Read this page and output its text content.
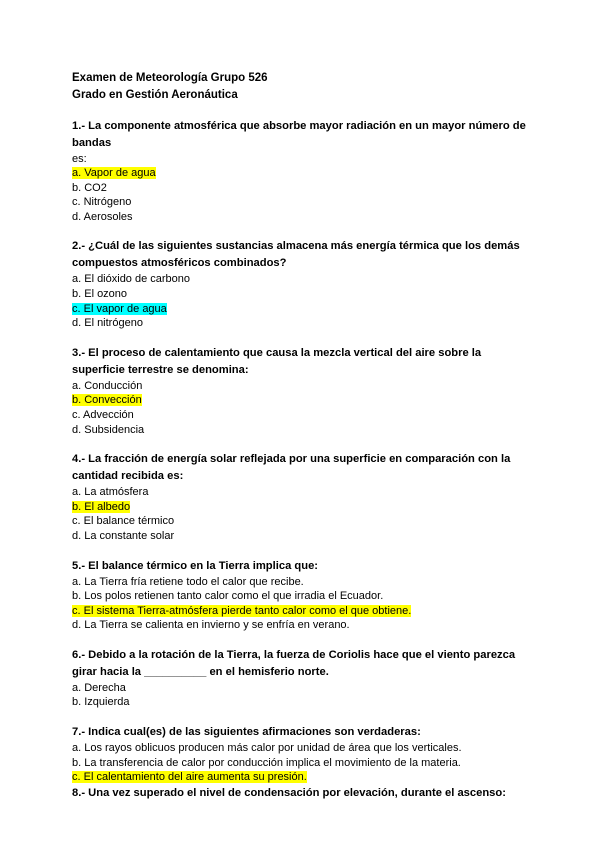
Examen de Meteorología Grupo 526
Grado en Gestión Aeronáutica
1.- La componente atmosférica que absorbe mayor radiación en un mayor número de bandas
es:
a. Vapor de agua
b. CO2
c. Nitrógeno
d. Aerosoles
2.- ¿Cuál de las siguientes sustancias almacena más energía térmica que los demás compuestos atmosféricos combinados?
a. El dióxido de carbono
b. El ozono
c. El vapor de agua
d. El nitrógeno
3.- El proceso de calentamiento que causa la mezcla vertical del aire sobre la superficie terrestre se denomina:
a. Conducción
b. Convección
c. Advección
d. Subsidencia
4.- La fracción de energía solar reflejada por una superficie en comparación con la cantidad recibida es:
a. La atmósfera
b. El albedo
c. El balance térmico
d. La constante solar
5.- El balance térmico en la Tierra implica que:
a. La Tierra fría retiene todo el calor que recibe.
b. Los polos retienen tanto calor como el que irradia el Ecuador.
c. El sistema Tierra-atmósfera pierde tanto calor como el que obtiene.
d. La Tierra se calienta en invierno y se enfría en verano.
6.- Debido a la rotación de la Tierra, la fuerza de Coriolis hace que el viento parezca girar hacia la __________ en el hemisferio norte.
a. Derecha
b. Izquierda
7.- Indica cual(es) de las siguientes afirmaciones son verdaderas:
a. Los rayos oblicuos producen más calor por unidad de área que los verticales.
b. La transferencia de calor por conducción implica el movimiento de la materia.
c. El calentamiento del aire aumenta su presión.
8.- Una vez superado el nivel de condensación por elevación, durante el ascenso:
